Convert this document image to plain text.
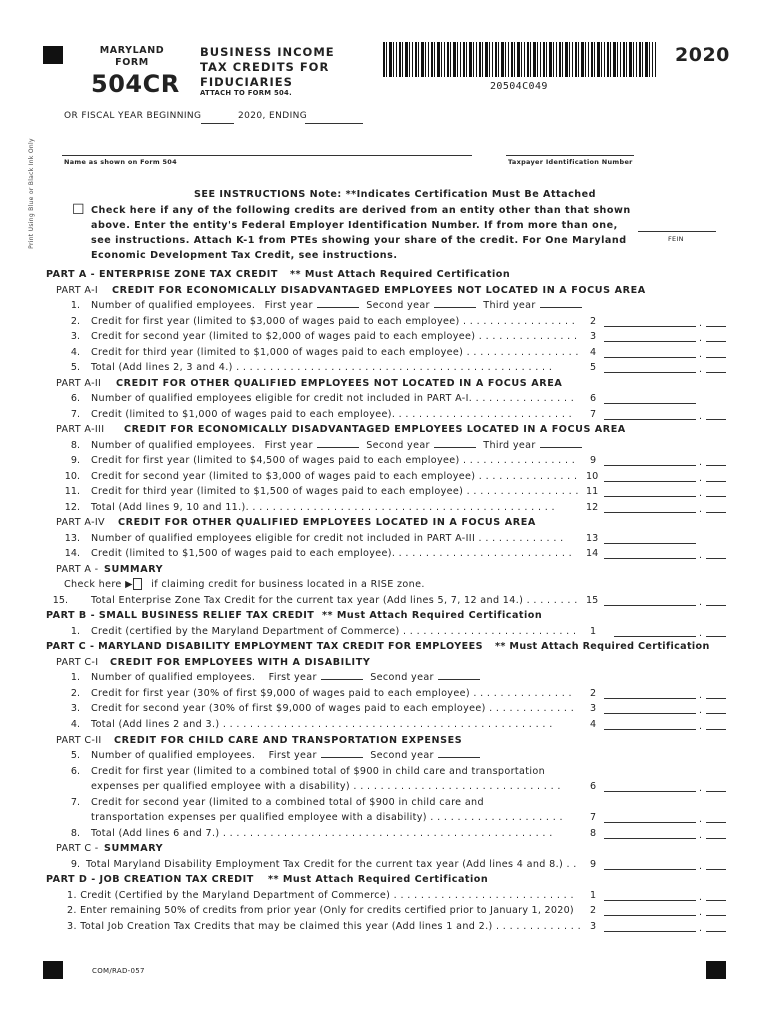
MARYLAND
FORM
504CR
BUSINESS INCOME
TAX CREDITS FOR
FIDUCIARIES
ATTACH TO FORM 504.
20504C049
2020
OR FISCAL YEAR BEGINNING	2020, ENDING
Print Using Blue or Black Ink Only	Name as shown on Form 504	Taxpayer Identification Number
SEE INSTRUCTIONS Note: **Indicates Certification Must Be Attached
☐ Check here if any of the following credits are derived from an entity other than that shown
above. Enter the entity's Federal Employer Identification Number. If from more than one,
see instructions. Attach K-1 from PTEs showing your share of the credit. For One Maryland
Economic Development Tax Credit, see instructions.
FEIN
PART A - ENTERPRISE ZONE TAX CREDIT ** Must Attach Required Certification
PART A-I CREDIT FOR ECONOMICALLY DISADVANTAGED EMPLOYEES NOT LOCATED IN A FOCUS AREA
1. Number of qualified employees. First year	Second year	Third year
2. Credit for first year (limited to $3,000 of wages paid to each employee) . . . . . . . . . . . . . . . . . 2	.
3. Credit for second year (limited to $2,000 of wages paid to each employee) . . . . . . . . . . . . . . . 3	.
4. Credit for third year (limited to $1,000 of wages paid to each employee) . . . . . . . . . . . . . . . . . 4	.
5. Total (Add lines 2, 3 and 4.) . . . . . . . . . . . . . . . . . . . . . . . . . . . . . . . . . . . . . . . . . . . . . . .	5	.
PART A-II CREDIT FOR OTHER QUALIFIED EMPLOYEES NOT LOCATED IN A FOCUS AREA
6. Number of qualified employees eligible for credit not included in PART A-I. . . . . . . . . . . . . . . . 6
7. Credit (limited to $1,000 of wages paid to each employee). . . . . . . . . . . . . . . . . . . . . . . . . . . 7	.
PART A-III CREDIT FOR ECONOMICALLY DISADVANTAGED EMPLOYEES LOCATED IN A FOCUS AREA
8. Number of qualified employees. First year	Second year	Third year
9. Credit for first year (limited to $4,500 of wages paid to each employee) . . . . . . . . . . . . . . . . . 9	.
10. Credit for second year (limited to $3,000 of wages paid to each employee) . . . . . . . . . . . . . . . 10	.
11. Credit for third year (limited to $1,500 of wages paid to each employee) . . . . . . . . . . . . . . . . . 11	.
12. Total (Add lines 9, 10 and 11.). . . . . . . . . . . . . . . . . . . . . . . . . . . . . . . . . . . . . . . . . . . . . .	12	.
PART A-IV CREDIT FOR OTHER QUALIFIED EMPLOYEES LOCATED IN A FOCUS AREA
13. Number of qualified employees eligible for credit not included in PART A-III . . . . . . . . . . . . . 13
14. Credit (limited to $1,500 of wages paid to each employee). . . . . . . . . . . . . . . . . . . . . . . . . . . 14	.
PART A - SUMMARY
Check here ▶ if claiming credit for business located in a RISE zone.
15. Total Enterprise Zone Tax Credit for the current tax year (Add lines 5, 7, 12 and 14.) . . . . . . . . 15	.
PART B - SMALL BUSINESS RELIEF TAX CREDIT ** Must Attach Required Certification
1. Credit (certified by the Maryland Department of Commerce) . . . . . . . . . . . . . . . . . . . . . . . . . . 1	.
PART C - MARYLAND DISABILITY EMPLOYMENT TAX CREDIT FOR EMPLOYEES ** Must Attach Required Certification
PART C-I CREDIT FOR EMPLOYEES WITH A DISABILITY
1. Number of qualified employees. First year	Second year
2. Credit for first year (30% of first $9,000 of wages paid to each employee) . . . . . . . . . . . . . . . 2	.
3. Credit for second year (30% of first $9,000 of wages paid to each employee) . . . . . . . . . . . . . 3	.
4. Total (Add lines 2 and 3.) . . . . . . . . . . . . . . . . . . . . . . . . . . . . . . . . . . . . . . . . . . . . . . . . .	4	.
PART C-II CREDIT FOR CHILD CARE AND TRANSPORTATION EXPENSES
5. Number of qualified employees. First year	Second year
6. Credit for first year (limited to a combined total of $900 in child care and transportation
expenses per qualified employee with a disability) . . . . . . . . . . . . . . . . . . . . . . . . . . . . . . .	6	.
7. Credit for second year (limited to a combined total of $900 in child care and
transportation expenses per qualified employee with a disability) . . . . . . . . . . . . . . . . . . . .	7	.
8. Total (Add lines 6 and 7.) . . . . . . . . . . . . . . . . . . . . . . . . . . . . . . . . . . . . . . . . . . . . . . . . .	8	.
PART C - SUMMARY
9. Total Maryland Disability Employment Tax Credit for the current tax year (Add lines 4 and 8.) . . 9	.
PART D - JOB CREATION TAX CREDIT ** Must Attach Required Certification
1. Credit (Certified by the Maryland Department of Commerce) . . . . . . . . . . . . . . . . . . . . . . . . . . . 1	.
2. Enter remaining 50% of credits from prior year (Only for credits certified prior to January 1, 2020) 2	.
3. Total Job Creation Tax Credits that may be claimed this year (Add lines 1 and 2.) . . . . . . . . . . . . . 3	.
COM/RAD-057
